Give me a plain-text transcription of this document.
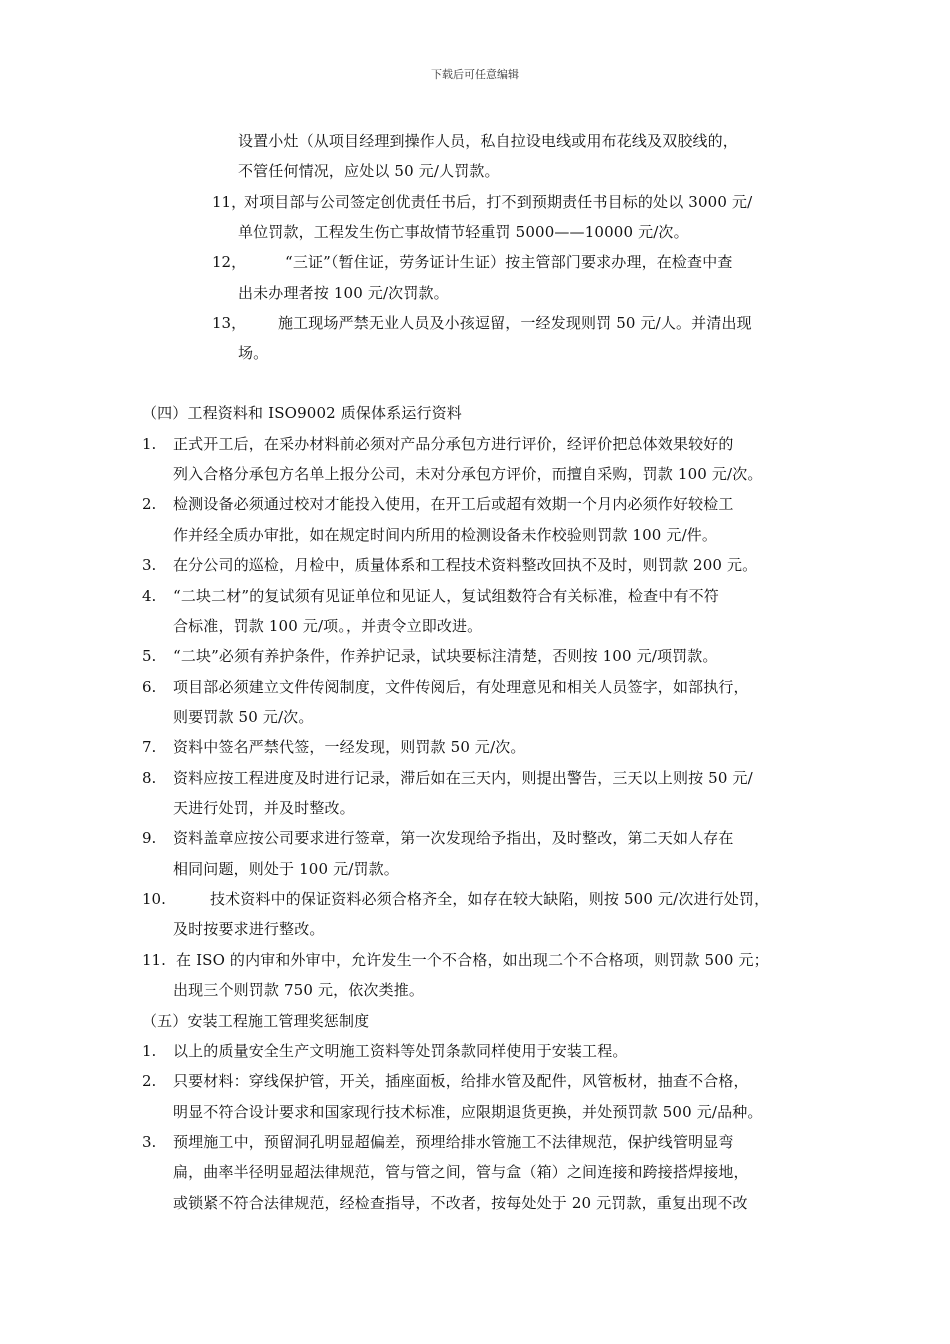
下载后可任意编辑
设置小灶（从项目经理到操作人员，私自拉设电线或用布花线及双胶线的，
不管任何情况，应处以 50 元/人罚款。
11，
对项目部与公司签定创优责任书后，打不到预期责任书目标的处以 3000 元/
单位罚款，工程发生伤亡事故情节轻重罚 5000——10000 元/次。
12，	“三证”（暂住证，劳务证计生证）按主管部门要求办理，在检查中查
出未办理者按 100 元/次罚款。
13， 施工现场严禁无业人员及小孩逗留，一经发现则罚 50 元/人。并清出现
场。
（四）工程资料和 ISO9002 质保体系运行资料
1. 正式开工后，在采办材料前必须对产品分承包方进行评价，经评价把总体效果较好的
列入合格分承包方名单上报分公司，未对分承包方评价，而擅自采购，罚款 100 元/次。
2. 检测设备必须通过校对才能投入使用，在开工后或超有效期一个月内必须作好较检工
作并经全质办审批，如在规定时间内所用的检测设备未作校验则罚款 100 元/件。
3. 在分公司的巡检，月检中，质量体系和工程技术资料整改回执不及时，则罚款 200 元。
4. “二块二材”的复试须有见证单位和见证人，复试组数符合有关标准，检查中有不符
合标准，罚款 100 元/项。，并责令立即改进。
5. “二块”必须有养护条件，作养护记录，试块要标注清楚，否则按 100 元/项罚款。
6. 项目部必须建立文件传阅制度，文件传阅后，有处理意见和相关人员签字，如部执行，
则要罚款 50 元/次。
7. 资料中签名严禁代签，一经发现，则罚款 50 元/次。
8. 资料应按工程进度及时进行记录，滞后如在三天内，则提出警告，三天以上则按 50 元/
天进行处罚，并及时整改。
9. 资料盖章应按公司要求进行签章，第一次发现给予指出，及时整改，第二天如人存在
相同问题，则处于 100 元/罚款。
10.	技术资料中的保证资料必须合格齐全，如存在较大缺陷，则按 500 元/次进行处罚，
及时按要求进行整改。
11. 在 ISO 的内审和外审中，允许发生一个不合格，如出现二个不合格项，则罚款 500 元；
出现三个则罚款 750 元，依次类推。
（五）安装工程施工管理奖惩制度
1. 以上的质量安全生产文明施工资料等处罚条款同样使用于安装工程。
2. 只要材料：穿线保护管，开关，插座面板，给排水管及配件，风管板材，抽查不合格，
明显不符合设计要求和国家现行技术标准，应限期退货更换，并处预罚款 500 元/品种。
3. 预埋施工中，预留洞孔明显超偏差，预埋给排水管施工不法律规范，保护线管明显弯
扁，曲率半径明显超法律规范，管与管之间，管与盒（箱）之间连接和跨接搭焊接地，
或锁紧不符合法律规范，经检查指导，不改者，按每处处于 20 元罚款，重复出现不改
